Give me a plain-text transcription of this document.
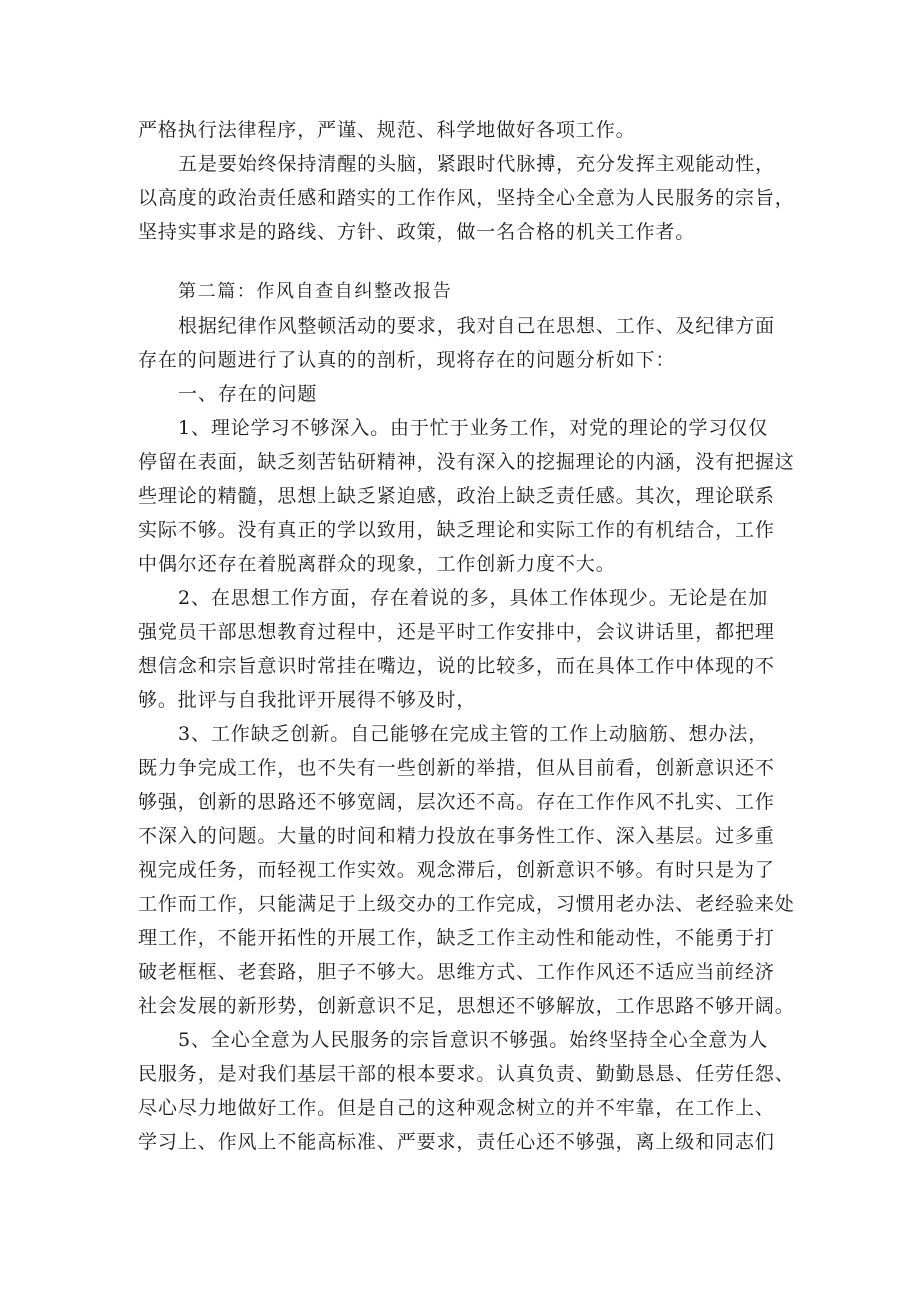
严格执行法律程序，严谨、规范、科学地做好各项工作。
五是要始终保持清醒的头脑，紧跟时代脉搏，充分发挥主观能动性，
以高度的政治责任感和踏实的工作作风，坚持全心全意为人民服务的宗旨，
坚持实事求是的路线、方针、政策，做一名合格的机关工作者。
第二篇：作风自查自纠整改报告
根据纪律作风整顿活动的要求，我对自己在思想、工作、及纪律方面
存在的问题进行了认真的的剖析，现将存在的问题分析如下：
一、存在的问题
1、理论学习不够深入。由于忙于业务工作，对党的理论的学习仅仅
停留在表面，缺乏刻苦钻研精神，没有深入的挖掘理论的内涵，没有把握这
些理论的精髓，思想上缺乏紧迫感，政治上缺乏责任感。其次，理论联系
实际不够。没有真正的学以致用，缺乏理论和实际工作的有机结合，工作
中偶尔还存在着脱离群众的现象，工作创新力度不大。
2、在思想工作方面，存在着说的多，具体工作体现少。无论是在加
强党员干部思想教育过程中，还是平时工作安排中，会议讲话里，都把理
想信念和宗旨意识时常挂在嘴边，说的比较多，而在具体工作中体现的不
够。批评与自我批评开展得不够及时，
3、工作缺乏创新。自己能够在完成主管的工作上动脑筋、想办法，
既力争完成工作，也不失有一些创新的举措，但从目前看，创新意识还不
够强，创新的思路还不够宽阔，层次还不高。存在工作作风不扎实、工作
不深入的问题。大量的时间和精力投放在事务性工作、深入基层。过多重
视完成任务，而轻视工作实效。观念滞后，创新意识不够。有时只是为了
工作而工作，只能满足于上级交办的工作完成，习惯用老办法、老经验来处
理工作，不能开拓性的开展工作，缺乏工作主动性和能动性，不能勇于打
破老框框、老套路，胆子不够大。思维方式、工作作风还不适应当前经济
社会发展的新形势，创新意识不足，思想还不够解放，工作思路不够开阔。
5、全心全意为人民服务的宗旨意识不够强。始终坚持全心全意为人
民服务，是对我们基层干部的根本要求。认真负责、勤勤恳恳、任劳任怨、
尽心尽力地做好工作。但是自己的这种观念树立的并不牢靠，在工作上、
学习上、作风上不能高标准、严要求，责任心还不够强，离上级和同志们
